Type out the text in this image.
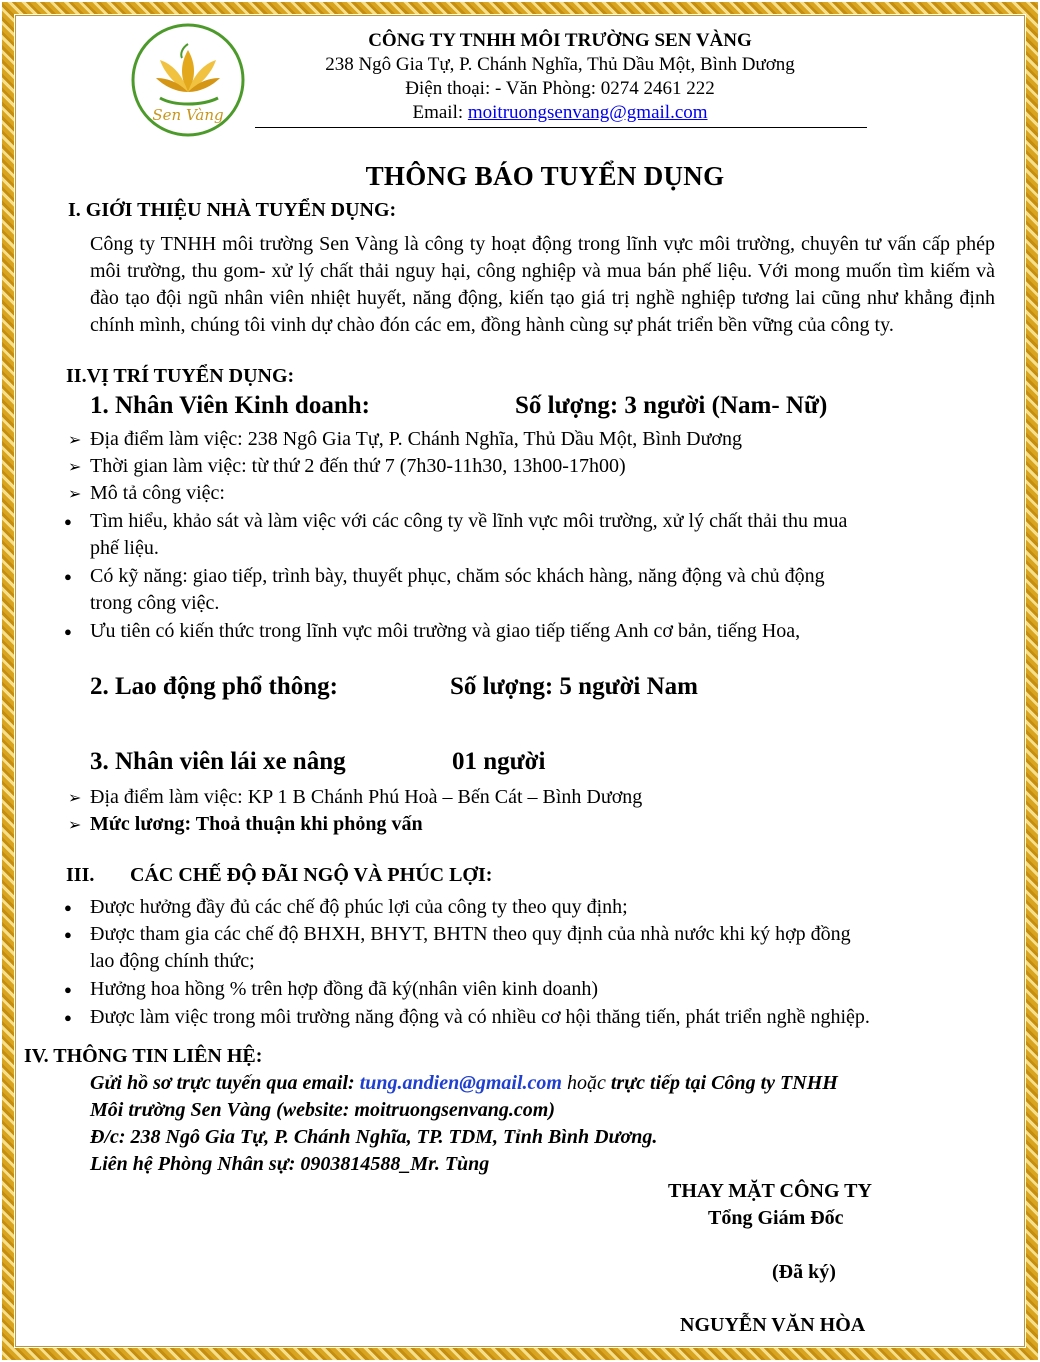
Sen Vàng
CÔNG TY TNHH MÔI TRƯỜNG SEN VÀNG
238 Ngô Gia Tự, P. Chánh Nghĩa, Thủ Dầu Một, Bình Dương
Điện thoại: - Văn Phòng: 0274 2461 222
Email: moitruongsenvang@gmail.com
THÔNG BÁO TUYỂN DỤNG
I. GIỚI THIỆU NHÀ TUYỂN DỤNG:
Công ty TNHH môi trường Sen Vàng là công ty hoạt động trong lĩnh vực môi trường, chuyên tư vấn cấp phép môi trường, thu gom- xử lý chất thải nguy hại, công nghiệp và mua bán phế liệu. Với mong muốn tìm kiếm và đào tạo đội ngũ nhân viên nhiệt huyết, năng động, kiến tạo giá trị nghề nghiệp tương lai cũng như khẳng định chính mình, chúng tôi vinh dự chào đón các em, đồng hành cùng sự phát triển bền vững của công ty.
II.VỊ TRÍ TUYỂN DỤNG:
1. Nhân Viên Kinh doanh:	Số lượng: 3 người (Nam- Nữ)
➢ Địa điểm làm việc: 238 Ngô Gia Tự, P. Chánh Nghĩa, Thủ Dầu Một, Bình Dương
➢ Thời gian làm việc: từ thứ 2 đến thứ 7 (7h30-11h30, 13h00-17h00)
➢ Mô tả công việc:
● Tìm hiểu, khảo sát và làm việc với các công ty về lĩnh vực môi trường, xử lý chất thải thu mua
phế liệu.
● Có kỹ năng: giao tiếp, trình bày, thuyết phục, chăm sóc khách hàng, năng động và chủ động
trong công việc.
● Ưu tiên có kiến thức trong lĩnh vực môi trường và giao tiếp tiếng Anh cơ bản, tiếng Hoa,
2. Lao động phổ thông:	Số lượng: 5 người Nam
3. Nhân viên lái xe nâng	01 người
➢ Địa điểm làm việc: KP 1 B Chánh Phú Hoà – Bến Cát – Bình Dương
➢ Mức lương: Thoả thuận khi phỏng vấn
III. CÁC CHẾ ĐỘ ĐÃI NGỘ VÀ PHÚC LỢI:
● Được hưởng đầy đủ các chế độ phúc lợi của công ty theo quy định;
● Được tham gia các chế độ BHXH, BHYT, BHTN theo quy định của nhà nước khi ký hợp đồng
lao động chính thức;
● Hưởng hoa hồng % trên hợp đồng đã ký(nhân viên kinh doanh)
● Được làm việc trong môi trường năng động và có nhiều cơ hội thăng tiến, phát triển nghề nghiệp.
IV. THÔNG TIN LIÊN HỆ:
Gửi hồ sơ trực tuyến qua email: tung.andien@gmail.com hoặc trực tiếp tại Công ty TNHH
Môi trường Sen Vàng (website: moitruongsenvang.com)
Đ/c: 238 Ngô Gia Tự, P. Chánh Nghĩa, TP. TDM, Tỉnh Bình Dương.
Liên hệ Phòng Nhân sự: 0903814588_Mr. Tùng
THAY MẶT CÔNG TY
Tổng Giám Đốc
(Đã ký)
NGUYỄN VĂN HÒA
